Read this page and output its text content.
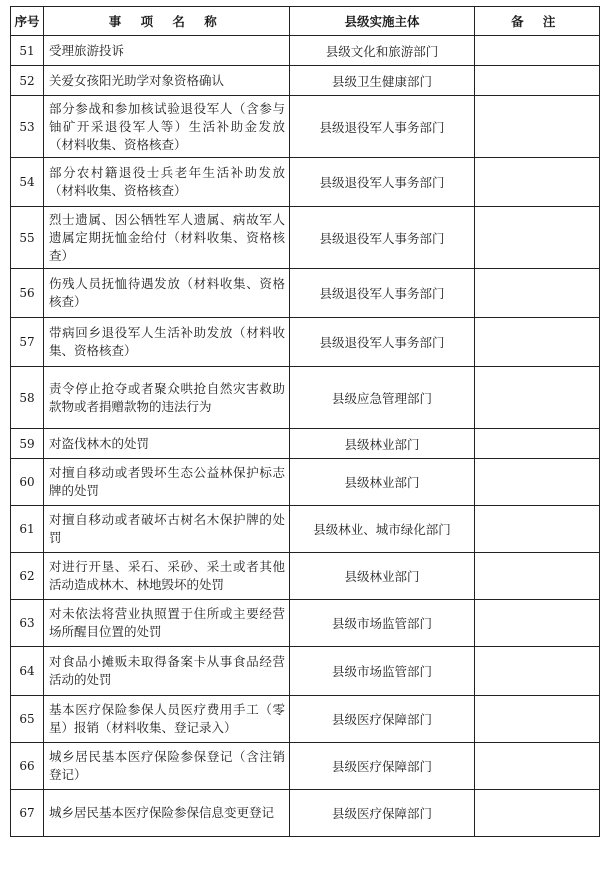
序号	事 项 名 称	县级实施主体	备 注
51	受理旅游投诉	县级文化和旅游部门	
52	关爱女孩阳光助学对象资格确认	县级卫生健康部门	
53	部分参战和参加核试验退役军人（含参与铀矿开采退役军人等）生活补助金发放（材料收集、资格核查）	县级退役军人事务部门	
54	部分农村籍退役士兵老年生活补助发放（材料收集、资格核查）	县级退役军人事务部门	
55	烈士遗属、因公牺牲军人遗属、病故军人遗属定期抚恤金给付（材料收集、资格核查）	县级退役军人事务部门	
56	伤残人员抚恤待遇发放（材料收集、资格核查）	县级退役军人事务部门	
57	带病回乡退役军人生活补助发放（材料收集、资格核查）	县级退役军人事务部门	
58	责令停止抢夺或者聚众哄抢自然灾害救助款物或者捐赠款物的违法行为	县级应急管理部门	
59	对盗伐林木的处罚	县级林业部门	
60	对擅自移动或者毁坏生态公益林保护标志牌的处罚	县级林业部门	
61	对擅自移动或者破坏古树名木保护牌的处罚	县级林业、城市绿化部门	
62	对进行开垦、采石、采砂、采土或者其他活动造成林木、林地毁坏的处罚	县级林业部门	
63	对未依法将营业执照置于住所或主要经营场所醒目位置的处罚	县级市场监管部门	
64	对食品小摊贩未取得备案卡从事食品经营活动的处罚	县级市场监管部门	
65	基本医疗保险参保人员医疗费用手工（零星）报销（材料收集、登记录入）	县级医疗保障部门	
66	城乡居民基本医疗保险参保登记（含注销登记）	县级医疗保障部门	
67	城乡居民基本医疗保险参保信息变更登记	县级医疗保障部门	
